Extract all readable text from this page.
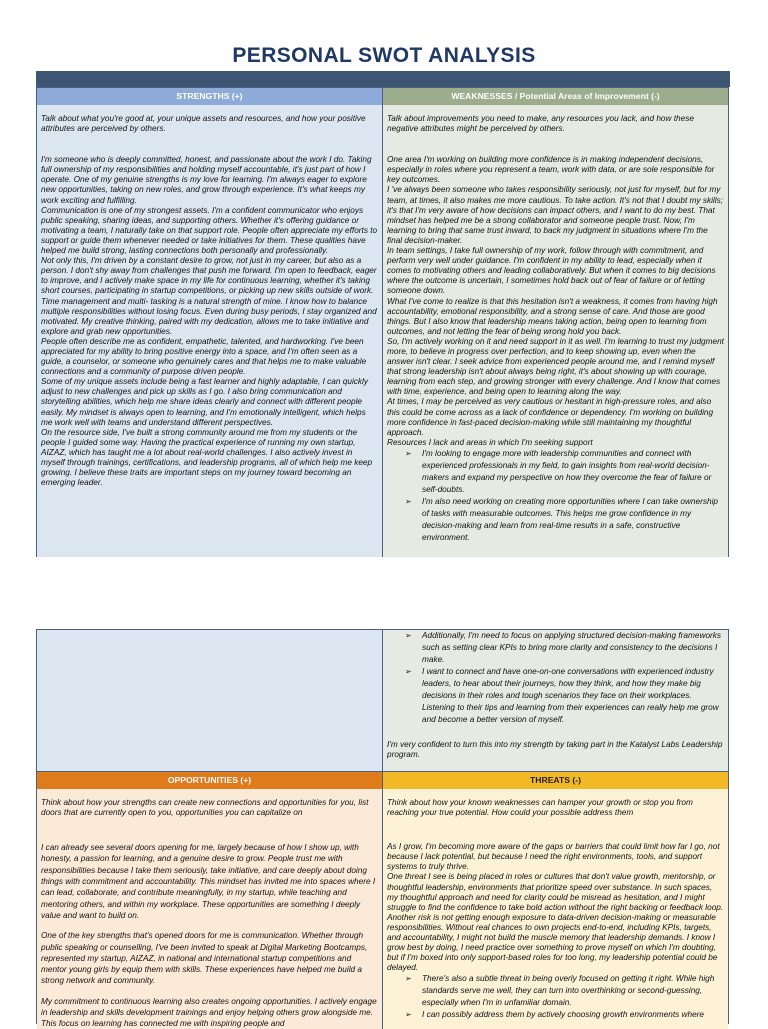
PERSONAL SWOT ANALYSIS
STRENGTHS (+)	WEAKNESSES / Potential Areas of Improvement (-)

Talk about what you're good at, your unique assets and resources, and how your positive attributes are perceived by others.

I'm someone who is deeply committed, honest, and passionate about the work I do. Taking full ownership of my responsibilities and holding myself accountable, it's just part of how I operate. One of my genuine strengths is my love for learning. I'm always eager to explore new opportunities, taking on new roles, and grow through experience. It's what keeps my work exciting and fulfilling.

Communication is one of my strongest assets. I'm a confident communicator who enjoys public speaking, sharing ideas, and supporting others. Whether it's offering guidance or motivating a team, I naturally take on that support role. People often appreciate my efforts to support or guide them whenever needed or take initiatives for them. These qualities have helped me build strong, lasting connections both personally and professionally.

Not only this, I'm driven by a constant desire to grow, not just in my career, but also as a person. I don't shy away from challenges that push me forward. I'm open to feedback, eager to improve, and I actively make space in my life for continuous learning, whether it's taking short courses, participating in startup competitions, or picking up new skills outside of work.

Time management and multi- tasking is a natural strength of mine. I know how to balance multiple responsibilities without losing focus. Even during busy periods, I stay organized and motivated. My creative thinking, paired with my dedication, allows me to take initiative and explore and grab new opportunities.

People often describe me as confident, empathetic, talented, and hardworking. I've been appreciated for my ability to bring positive energy into a space, and I'm often seen as a guide, a counselor, or someone who genuinely cares and that helps me to make valuable connections and a community of purpose driven people.

Some of my unique assets include being a fast learner and highly adaptable, I can quickly adjust to new challenges and pick up skills as I go. I also bring communication and storytelling abilities, which help me share ideas clearly and connect with different people easily. My mindset is always open to learning, and I'm emotionally intelligent, which helps me work well with teams and understand different perspectives.

On the resource side, I've built a strong community around me from my students or the people I guided some way. Having the practical experience of running my own startup, AIZAZ, which has taught me a lot about real-world challenges. I also actively invest in myself through trainings, certifications, and leadership programs, all of which help me keep growing. I believe these traits are important steps on my journey toward becoming an emerging leader.

Talk about improvements you need to make, any resources you lack, and how these negative attributes might be perceived by others.

One area I'm working on building more confidence is in making independent decisions, especially in roles where you represent a team, work with data, or are sole responsible for key outcomes.

I 've always been someone who takes responsibility seriously, not just for myself, but for my team, at times, it also makes me more cautious. To take action. It's not that I doubt my skills; it's that I'm very aware of how decisions can impact others, and I want to do my best. That mindset has helped me be a strong collaborator and someone people trust. Now, I'm learning to bring that same trust inward, to back my judgment in situations where I'm the final decision-maker.

In team settings, I take full ownership of my work, follow through with commitment, and perform very well under guidance. I'm confident in my ability to lead, especially when it comes to motivating others and leading collaboratively. But when it comes to big decisions where the outcome is uncertain, I sometimes hold back out of fear of failure or of letting someone down.

What I've come to realize is that this hesitation isn't a weakness, it comes from having high accountability, emotional responsibility, and a strong sense of care. And those are good things. But I also know that leadership means taking action, being open to learning from outcomes, and not letting the fear of being wrong hold you back.

So, I'm actively working on it and need support in it as well. I'm learning to trust my judgment more, to believe in progress over perfection, and to keep showing up, even when the answer isn't clear. I seek advice from experienced people around me, and I remind myself that strong leadership isn't about always being right, it's about showing up with courage, learning from each step, and growing stronger with every challenge. And I know that comes with time, experience, and being open to learning along the way.

At times, I may be perceived as very cautious or hesitant in high-pressure roles, and also this could be come across as a lack of confidence or dependency. I'm working on building more confidence in fast-paced decision-making while still maintaining my thoughtful approach.

Resources I lack and areas in which I'm seeking support

➢ I'm looking to engage more with leadership communities and connect with experienced professionals in my field, to gain insights from real-world decision-makers and expand my perspective on how they overcome the fear of failure or self-doubts.
➢ I'm also need working on creating more opportunities where I can take ownership of tasks with measurable outcomes. This helps me grow confidence in my decision-making and learn from real-time results in a safe, constructive environment.
➢ Additionally, I'm need to focus on applying structured decision-making frameworks such as setting clear KPIs to bring more clarity and consistency to the decisions I make.
➢ I want to connect and have one-on-one conversations with experienced industry leaders, to hear about their journeys, how they think, and how they make big decisions in their roles and tough scenarios they face on their workplaces. Listening to their tips and learning from their experiences can really help me grow and become a better version of myself.

I'm very confident to turn this into my strength by taking part in the Katalyst Labs Leadership program.

OPPORTUNITIES (+)	THREATS (-)

Think about how your strengths can create new connections and opportunities for you, list doors that are currently open to you, opportunities you can capitalize on

I can already see several doors opening for me, largely because of how I show up, with honesty, a passion for learning, and a genuine desire to grow. People trust me with responsibilities because I take them seriously, take initiative, and care deeply about doing things with commitment and accountability. This mindset has invited me into spaces where I can lead, collaborate, and contribute meaningfully, in my startup, while teaching and mentoring others, and within my workplace. These opportunities are something I deeply value and want to build on.

One of the key strengths that's opened doors for me is communication. Whether through public speaking or counselling, I've been invited to speak at Digital Marketing Bootcamps, represented my startup, AIZAZ, in national and international startup competitions and mentor young girls by equip them with skills. These experiences have helped me build a strong network and community.

My commitment to continuous learning also creates ongoing opportunities. I actively engage in leadership and skills development trainings and enjoy helping others grow alongside me. This focus on learning has connected me with inspiring people and

Think about how your known weaknesses can hamper your growth or stop you from reaching your true potential. How could your possible address them

As I grow, I'm becoming more aware of the gaps or barriers that could limit how far I go, not because I lack potential, but because I need the right environments, tools, and support systems to truly thrive.

One threat I see is being placed in roles or cultures that don't value growth, mentorship, or thoughtful leadership, environments that prioritize speed over substance. In such spaces, my thoughtful approach and need for clarity could be misread as hesitation, and I might struggle to find the confidence to take bold action without the right backing or feedback loop.

Another risk is not getting enough exposure to data-driven decision-making or measurable responsibilities. Without real chances to own projects end-to-end, including KPIs, targets, and accountability, I might not build the muscle memory that leadership demands. I know I grow best by doing, I need practice over something to prove myself on which I'm doubting, but if I'm boxed into only support-based roles for too long, my leadership potential could be delayed.

➢ There's also a subtle threat in being overly focused on getting it right. While high standards serve me well, they can turn into overthinking or second-guessing, especially when I'm in unfamiliar domain.
➢ I can possibly address them by actively choosing growth environments where
